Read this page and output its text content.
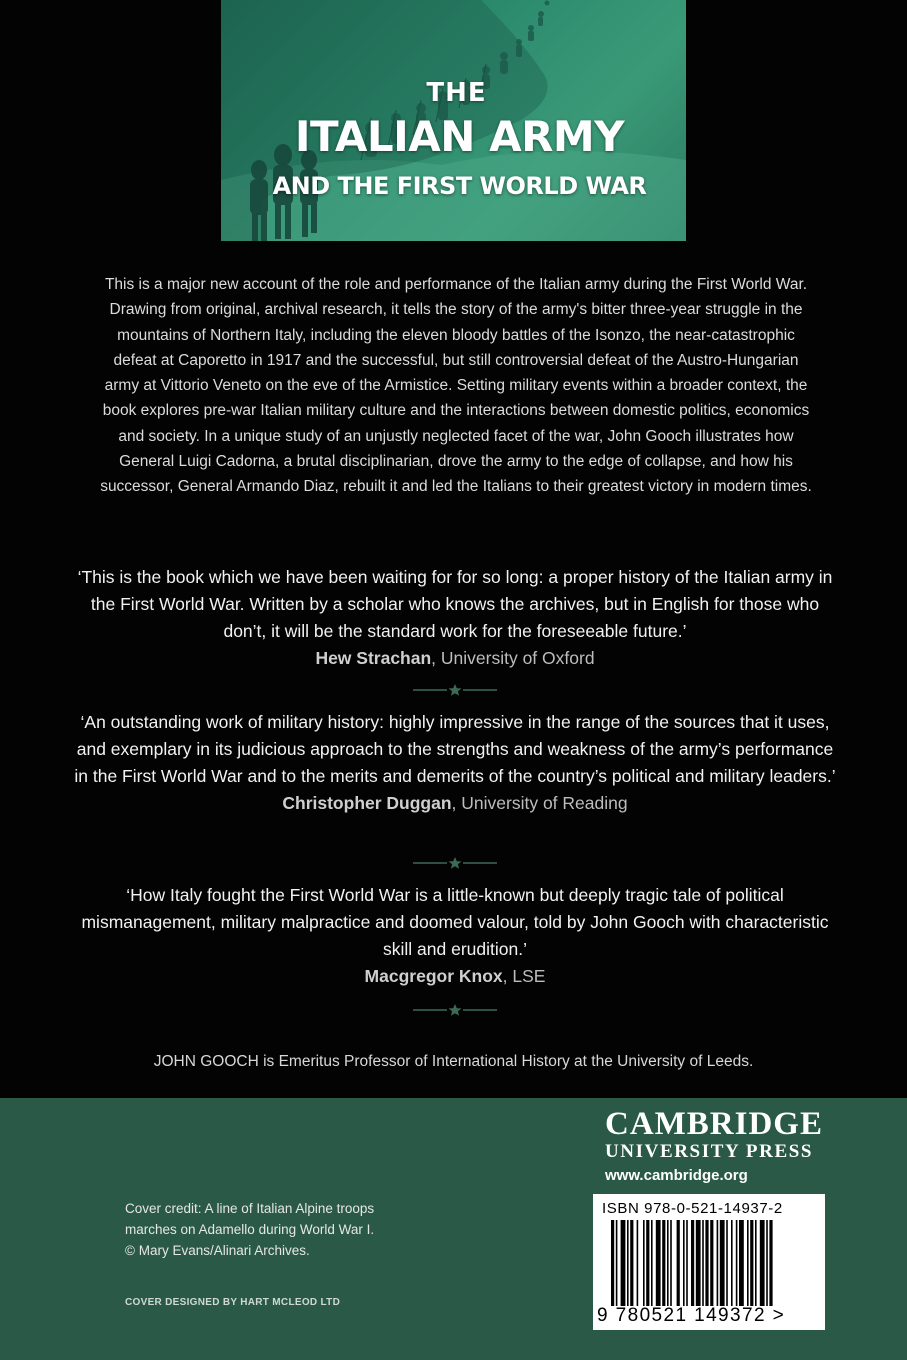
THE
ITALIAN ARMY
AND THE FIRST WORLD WAR
This is a major new account of the role and performance of the Italian army during the First World War. Drawing from original, archival research, it tells the story of the army's bitter three-year struggle in the mountains of Northern Italy, including the eleven bloody battles of the Isonzo, the near-catastrophic defeat at Caporetto in 1917 and the successful, but still controversial defeat of the Austro-Hungarian army at Vittorio Veneto on the eve of the Armistice. Setting military events within a broader context, the book explores pre-war Italian military culture and the interactions between domestic politics, economics and society. In a unique study of an unjustly neglected facet of the war, John Gooch illustrates how General Luigi Cadorna, a brutal disciplinarian, drove the army to the edge of collapse, and how his successor, General Armando Diaz, rebuilt it and led the Italians to their greatest victory in modern times.
‘This is the book which we have been waiting for for so long: a proper history of the Italian army in the First World War. Written by a scholar who knows the archives, but in English for those who don’t, it will be the standard work for the foreseeable future.’
Hew Strachan, University of Oxford
‘An outstanding work of military history: highly impressive in the range of the sources that it uses, and exemplary in its judicious approach to the strengths and weakness of the army’s performance in the First World War and to the merits and demerits of the country’s political and military leaders.’
Christopher Duggan, University of Reading
‘How Italy fought the First World War is a little-known but deeply tragic tale of political mismanagement, military malpractice and doomed valour, told by John Gooch with characteristic skill and erudition.’
Macgregor Knox, LSE
JOHN GOOCH is Emeritus Professor of International History at the University of Leeds.
CAMBRIDGE
UNIVERSITY PRESS
www.cambridge.org
Cover credit: A line of Italian Alpine troops
marches on Adamello during World War I.
© Mary Evans/Alinari Archives.
COVER DESIGNED BY HART MCLEOD LTD
ISBN 978-0-521-14937-2
9 780521 149372 >
